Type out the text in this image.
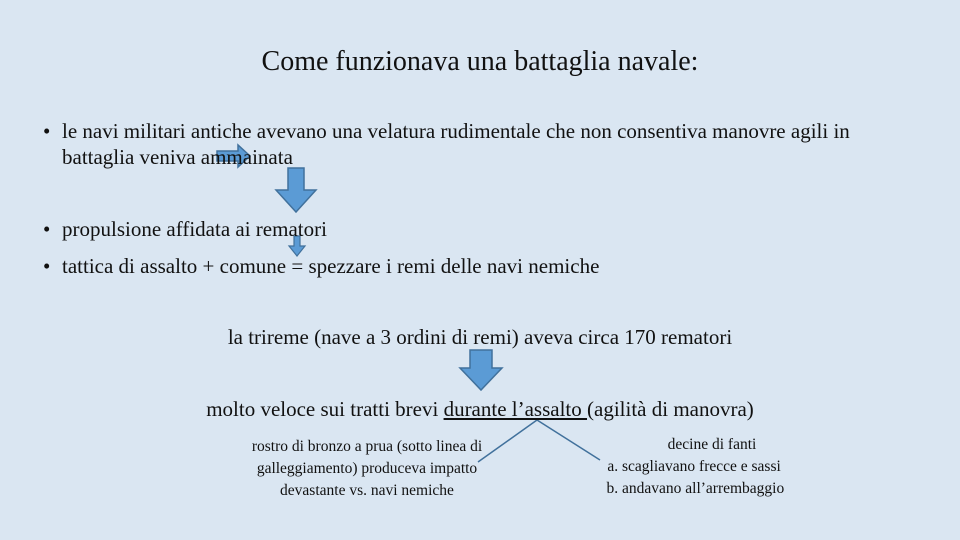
Come funzionava una battaglia navale:
• le navi militari antiche avevano una velatura rudimentale che non consentiva manovre agili in battaglia veniva ammainata
• propulsione affidata ai rematori
• tattica di assalto + comune = spezzare i remi delle navi nemiche
la trireme (nave a 3 ordini di remi) aveva circa 170 rematori
molto veloce sui tratti brevi durante l’assalto (agilità di manovra)
rostro di bronzo a prua (sotto linea di galleggiamento) produceva impatto devastante vs. navi nemiche
decine di fanti
a. scagliavano frecce e sassi
b. andavano all’arrembaggio
